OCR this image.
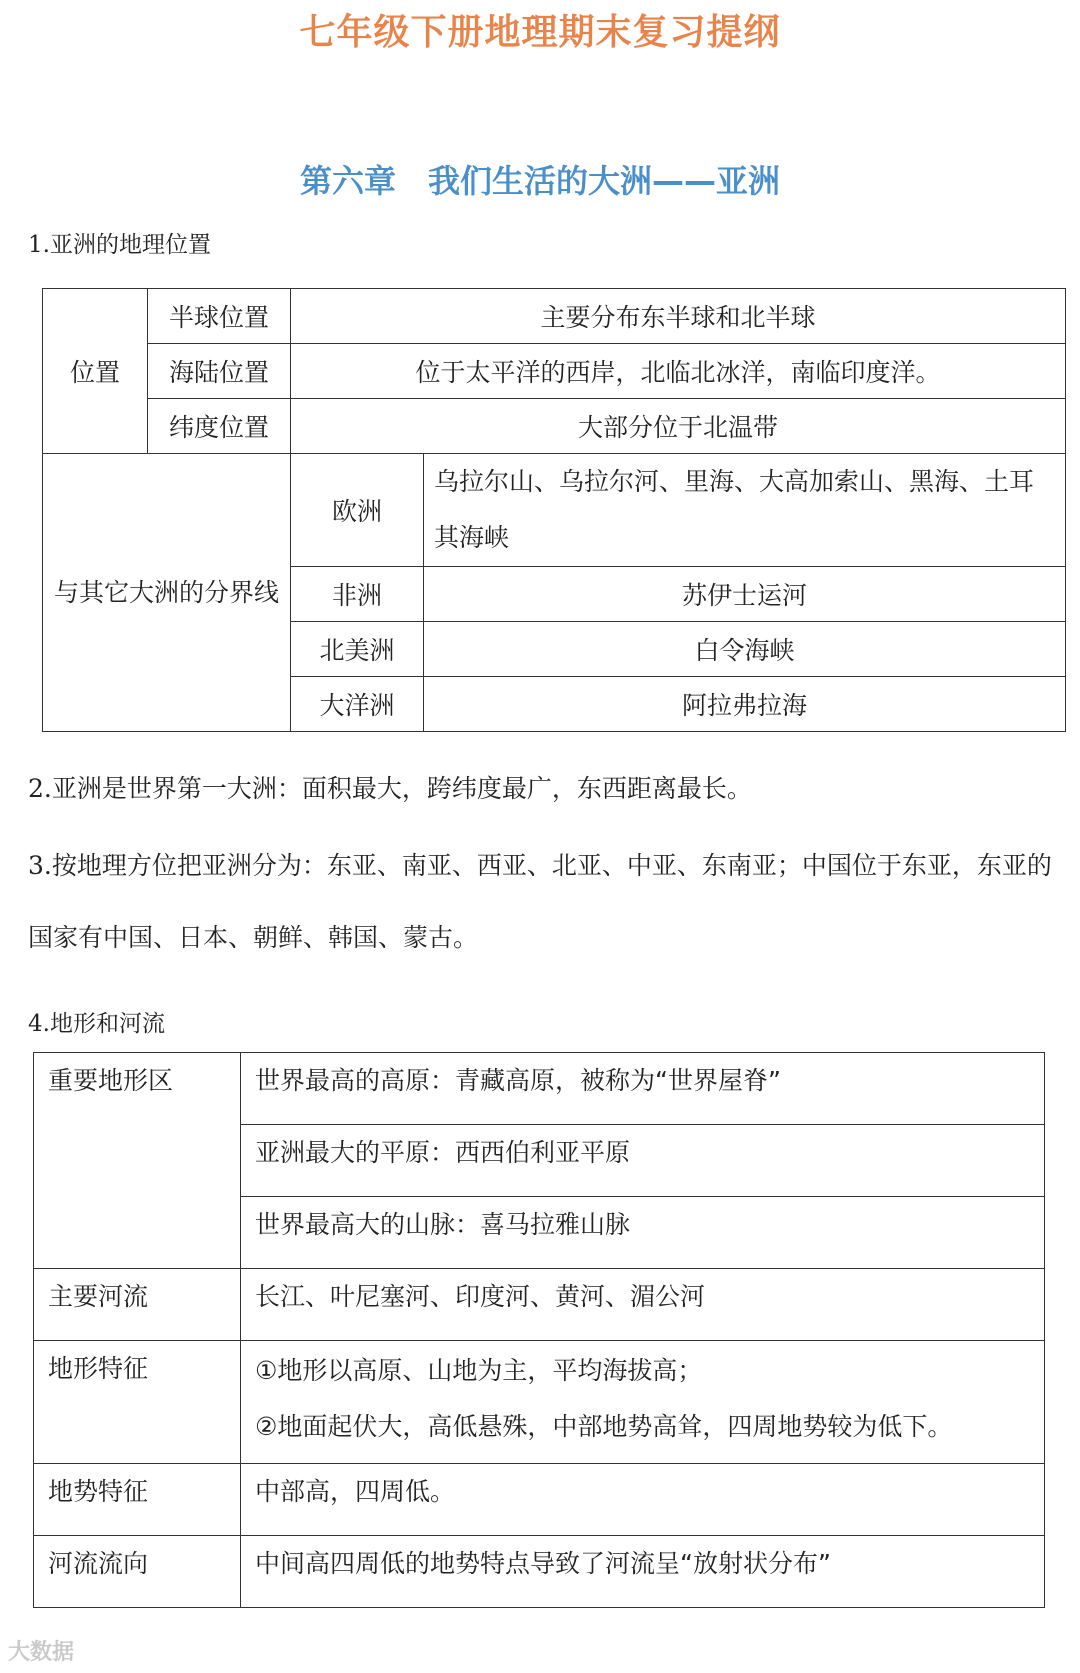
七年级下册地理期末复习提纲
第六章　我们生活的大洲——亚洲
1.亚洲的地理位置
位置	半球位置	主要分布东半球和北半球	
	海陆位置	位于太平洋的西岸，北临北冰洋，南临印度洋。	
	纬度位置	大部分位于北温带	
与其它大洲的分界线		欧洲	乌拉尔山、乌拉尔河、里海、大高加索山、黑海、土耳其海峡
		非洲	苏伊士运河
		北美洲	白令海峡
		大洋洲	阿拉弗拉海
2.亚洲是世界第一大洲：面积最大，跨纬度最广，东西距离最长。
3.按地理方位把亚洲分为：东亚、南亚、西亚、北亚、中亚、东南亚；中国位于东亚，东亚的国家有中国、日本、朝鲜、韩国、蒙古。
4.地形和河流
重要地形区	世界最高的高原：青藏高原，被称为“世界屋脊”
	亚洲最大的平原：西西伯利亚平原
	世界最高大的山脉：喜马拉雅山脉
主要河流	长江、叶尼塞河、印度河、黄河、湄公河
地形特征	①地形以高原、山地为主，平均海拔高；
②地面起伏大，高低悬殊，中部地势高耸，四周地势较为低下。

地势特征	中部高，四周低。
河流流向	中间高四周低的地势特点导致了河流呈“放射状分布”
大数据
